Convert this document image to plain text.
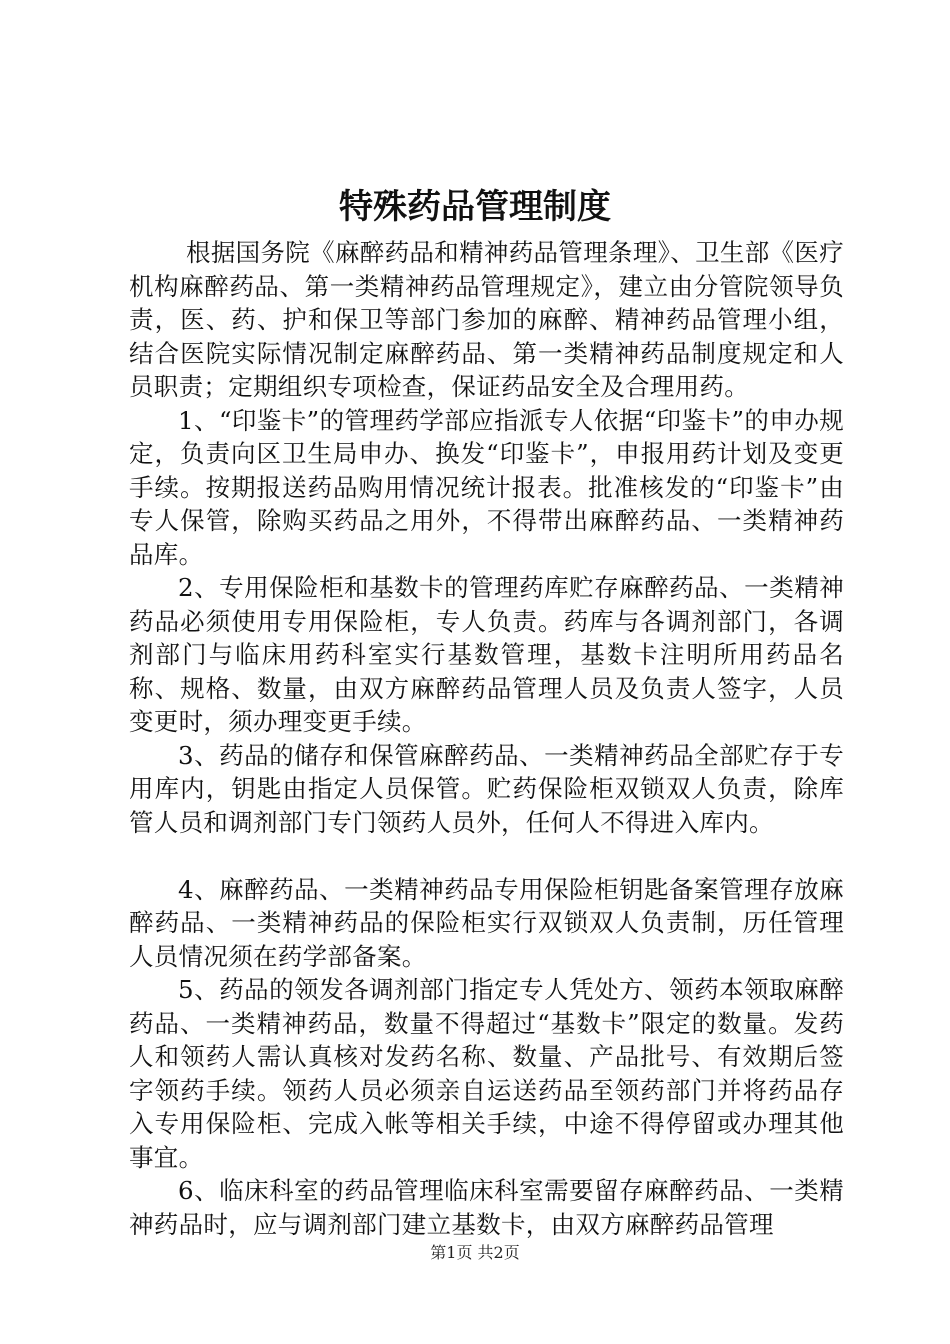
特殊药品管理制度

根据国务院《麻醉药品和精神药品管理条理》、卫生部《医疗机构麻醉药品、第一类精神药品管理规定》，建立由分管院领导负责，医、药、护和保卫等部门参加的麻醉、精神药品管理小组，结合医院实际情况制定麻醉药品、第一类精神药品制度规定和人员职责；定期组织专项检查，保证药品安全及合理用药。

1、“印鉴卡”的管理药学部应指派专人依据“印鉴卡”的申办规定，负责向区卫生局申办、换发“印鉴卡”，申报用药计划及变更手续。按期报送药品购用情况统计报表。批准核发的“印鉴卡”由专人保管，除购买药品之用外，不得带出麻醉药品、一类精神药品库。

2、专用保险柜和基数卡的管理药库贮存麻醉药品、一类精神药品必须使用专用保险柜，专人负责。药库与各调剂部门，各调剂部门与临床用药科室实行基数管理，基数卡注明所用药品名称、规格、数量，由双方麻醉药品管理人员及负责人签字，人员变更时，须办理变更手续。

3、药品的储存和保管麻醉药品、一类精神药品全部贮存于专用库内，钥匙由指定人员保管。贮药保险柜双锁双人负责，除库管人员和调剂部门专门领药人员外，任何人不得进入库内。

4、麻醉药品、一类精神药品专用保险柜钥匙备案管理存放麻醉药品、一类精神药品的保险柜实行双锁双人负责制，历任管理人员情况须在药学部备案。

5、药品的领发各调剂部门指定专人凭处方、领药本领取麻醉药品、一类精神药品，数量不得超过“基数卡”限定的数量。发药人和领药人需认真核对发药名称、数量、产品批号、有效期后签字领药手续。领药人员必须亲自运送药品至领药部门并将药品存入专用保险柜、完成入帐等相关手续，中途不得停留或办理其他事宜。

6、临床科室的药品管理临床科室需要留存麻醉药品、一类精神药品时，应与调剂部门建立基数卡，由双方麻醉药品管理

第1页 共2页
